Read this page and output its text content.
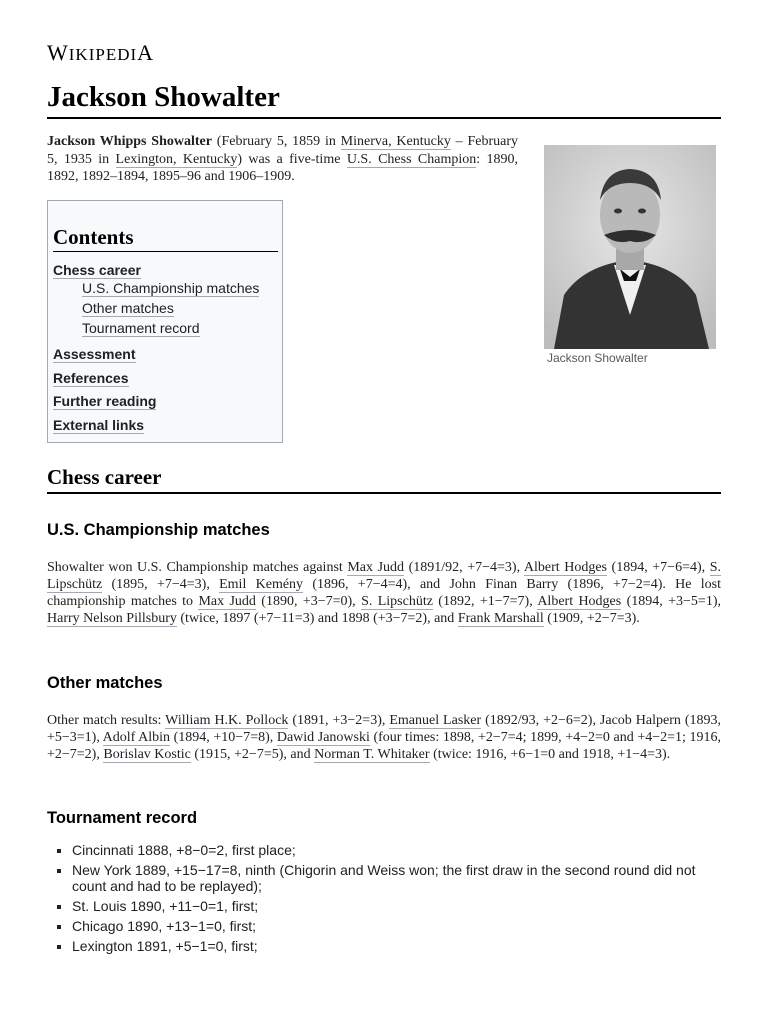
WIKIPEDIA
Jackson Showalter

Jackson Whipps Showalter (February 5, 1859 in Minerva, Kentucky – February 5, 1935 in Lexington, Kentucky) was a five-time U.S. Chess Champion: 1890, 1892, 1892–1894, 1895–96 and 1906–1909.

Jackson Showalter
Contents
Chess career
U.S. Championship matches
Other matches
Tournament record
Assessment
References
Further reading
External links
Chess career
U.S. Championship matches

Showalter won U.S. Championship matches against Max Judd (1891/92, +7−4=3), Albert Hodges (1894, +7−6=4), S. Lipschütz (1895, +7−4=3), Emil Kemény (1896, +7−4=4), and John Finan Barry (1896, +7−2=4). He lost championship matches to Max Judd (1890, +3−7=0), S. Lipschütz (1892, +1−7=7), Albert Hodges (1894, +3−5=1), Harry Nelson Pillsbury (twice, 1897 (+7−11=3) and 1898 (+3−7=2), and Frank Marshall (1909, +2−7=3).

Other matches

Other match results: William H.K. Pollock (1891, +3−2=3), Emanuel Lasker (1892/93, +2−6=2), Jacob Halpern (1893, +5−3=1), Adolf Albin (1894, +10−7=8), Dawid Janowski (four times: 1898, +2−7=4; 1899, +4−2=0 and +4−2=1; 1916, +2−7=2), Borislav Kostic (1915, +2−7=5), and Norman T. Whitaker (twice: 1916, +6−1=0 and 1918, +1−4=3).

Tournament record
▪ Cincinnati 1888, +8−0=2, first place;
▪ New York 1889, +15−17=8, ninth (Chigorin and Weiss won; the first draw in the second round did not count and had to be replayed);
▪ St. Louis 1890, +11−0=1, first;
▪ Chicago 1890, +13−1=0, first;
▪ Lexington 1891, +5−1=0, first;
